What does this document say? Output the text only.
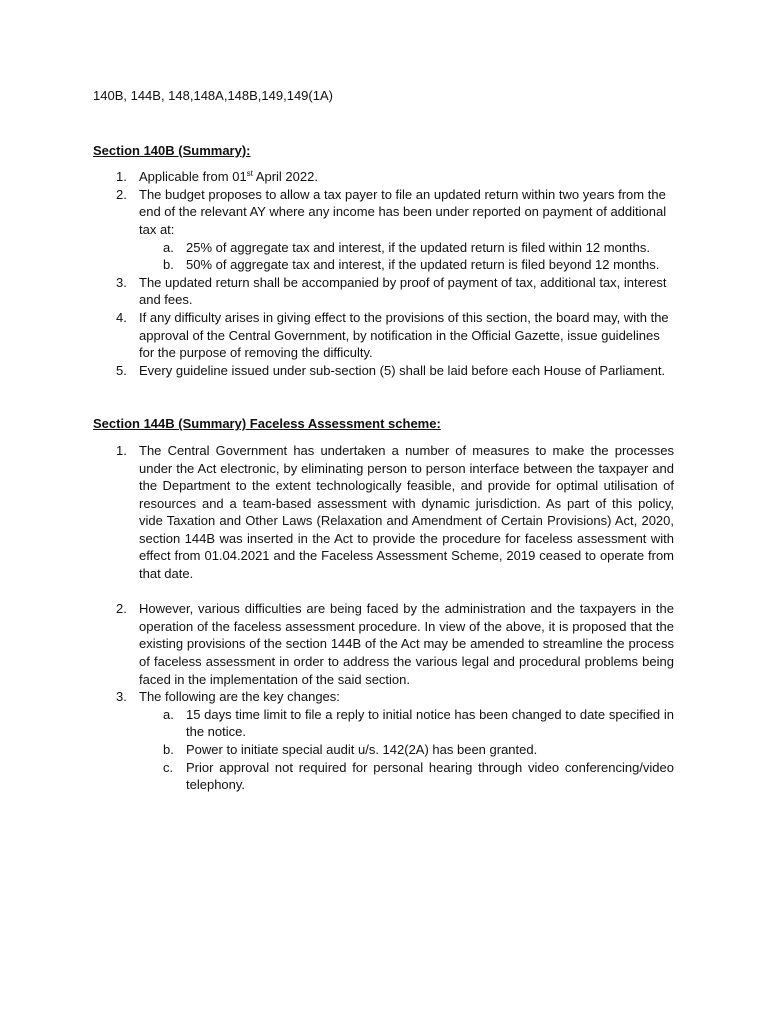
140B, 144B, 148,148A,148B,149,149(1A)

Section 140B (Summary):

1. Applicable from 01st April 2022.
2. The budget proposes to allow a tax payer to file an updated return within two years from the end of the relevant AY where any income has been under reported on payment of additional tax at:
a. 25% of aggregate tax and interest, if the updated return is filed within 12 months.
b. 50% of aggregate tax and interest, if the updated return is filed beyond 12 months.
3. The updated return shall be accompanied by proof of payment of tax, additional tax, interest and fees.
4. If any difficulty arises in giving effect to the provisions of this section, the board may, with the approval of the Central Government, by notification in the Official Gazette, issue guidelines for the purpose of removing the difficulty.
5. Every guideline issued under sub-section (5) shall be laid before each House of Parliament.

Section 144B (Summary) Faceless Assessment scheme:

1. The Central Government has undertaken a number of measures to make the processes under the Act electronic, by eliminating person to person interface between the taxpayer and the Department to the extent technologically feasible, and provide for optimal utilisation of resources and a team-based assessment with dynamic jurisdiction. As part of this policy, vide Taxation and Other Laws (Relaxation and Amendment of Certain Provisions) Act, 2020, section 144B was inserted in the Act to provide the procedure for faceless assessment with effect from 01.04.2021 and the Faceless Assessment Scheme, 2019 ceased to operate from that date.
2. However, various difficulties are being faced by the administration and the taxpayers in the operation of the faceless assessment procedure. In view of the above, it is proposed that the existing provisions of the section 144B of the Act may be amended to streamline the process of faceless assessment in order to address the various legal and procedural problems being faced in the implementation of the said section.
3. The following are the key changes:
a. 15 days time limit to file a reply to initial notice has been changed to date specified in the notice.
b. Power to initiate special audit u/s. 142(2A) has been granted.
c. Prior approval not required for personal hearing through video conferencing/video telephony.
